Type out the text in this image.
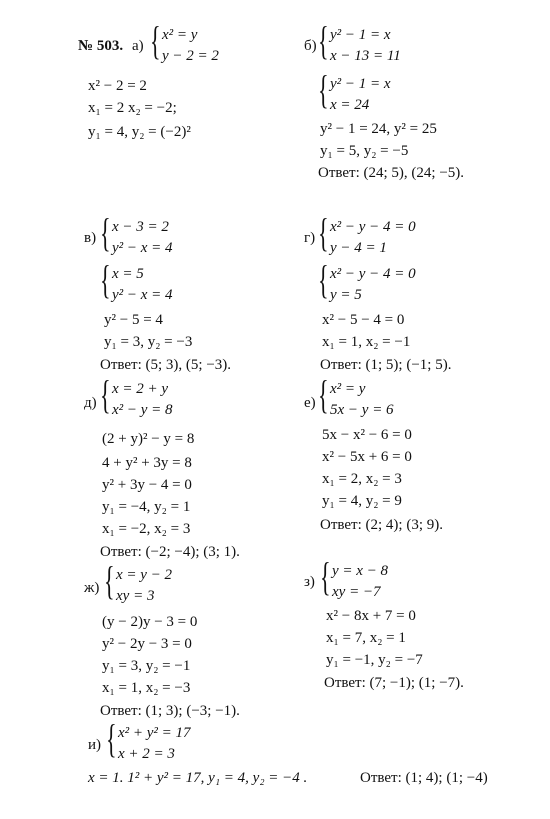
№ 503. а) { x² = y
y − 2 = 2
x² − 2 = 2
x₁ = 2 x₂ = −2;
y₁ = 4, y₂ = (−2)²
б) { y² − 1 = x
x − 13 = 11
{ y² − 1 = x
x = 24
y² − 1 = 24, y² = 25
y₁ = 5, y₂ = −5
Ответ: (24; 5), (24; −5).
в) { x − 3 = 2
y² − x = 4
{ x = 5
y² − x = 4
y² − 5 = 4
y₁ = 3, y₂ = −3
Ответ: (5; 3), (5; −3).
г) { x² − y − 4 = 0
y − 4 = 1
{ x² − y − 4 = 0
y = 5
x² − 5 − 4 = 0
x₁ = 1, x₂ = −1
Ответ: (1; 5); (−1; 5).
д) { x = 2 + y
x² − y = 8
(2 + y)² − y = 8
4 + y² + 3y = 8
y² + 3y − 4 = 0
y₁ = −4, y₂ = 1
x₁ = −2, x₂ = 3
Ответ: (−2; −4); (3; 1).
е) { x² = y
5x − y = 6
5x − x² − 6 = 0
x² − 5x + 6 = 0
x₁ = 2, x₂ = 3
y₁ = 4, y₂ = 9
Ответ: (2; 4); (3; 9).
ж) { x = y − 2
xy = 3
(y − 2)y − 3 = 0
y² − 2y − 3 = 0
y₁ = 3, y₂ = −1
x₁ = 1, x₂ = −3
Ответ: (1; 3); (−3; −1).
з) { y = x − 8
xy = −7
x² − 8x + 7 = 0
x₁ = 7, x₂ = 1
y₁ = −1, y₂ = −7
Ответ: (7; −1); (1; −7).
и) { x² + y² = 17
x + 2 = 3
x = 1. 1² + y² = 17, y₁ = 4, y₂ = −4 .	Ответ: (1; 4); (1; −4)
